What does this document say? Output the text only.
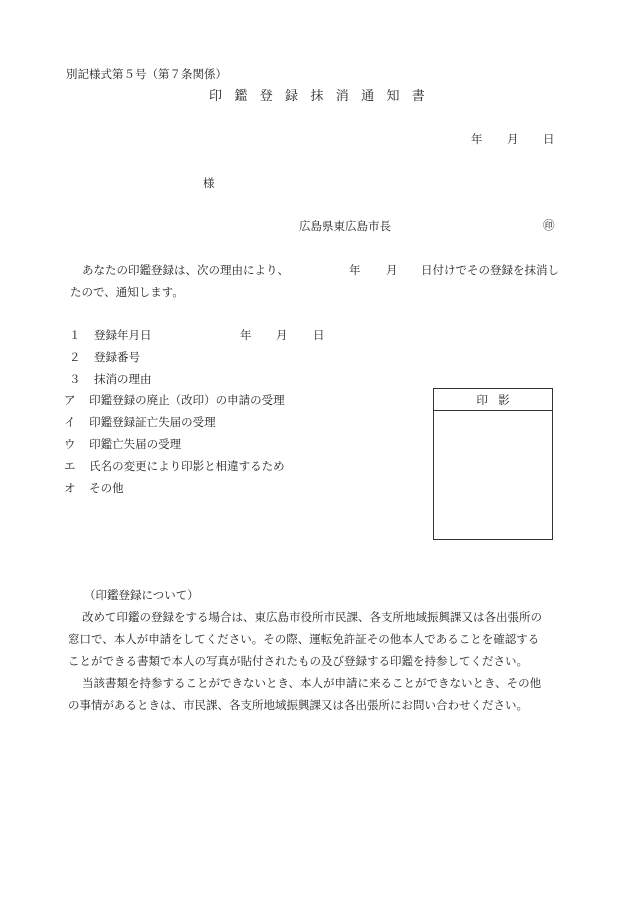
別記様式第５号（第７条関係）
印鑑登録抹消通知書
年 月 日
様
広島県東広島市長	㊞
あなたの印鑑登録は、次の理由により、	年 月 日付けでその登録を抹消し
たので、通知します。
１ 登録年月日	年 月 日
２ 登録番号
３ 抹消の理由
ア 印鑑登録の廃止（改印）の申請の受理
イ 印鑑登録証亡失届の受理
ウ 印鑑亡失届の受理
エ 氏名の変更により印影と相違するため
オ その他
印影
（印鑑登録について）
改めて印鑑の登録をする場合は、東広島市役所市民課、各支所地域振興課又は各出張所の
窓口で、本人が申請をしてください。その際、運転免許証その他本人であることを確認する
ことができる書類で本人の写真が貼付されたもの及び登録する印鑑を持参してください。
当該書類を持参することができないとき、本人が申請に来ることができないとき、その他
の事情があるときは、市民課、各支所地域振興課又は各出張所にお問い合わせください。
